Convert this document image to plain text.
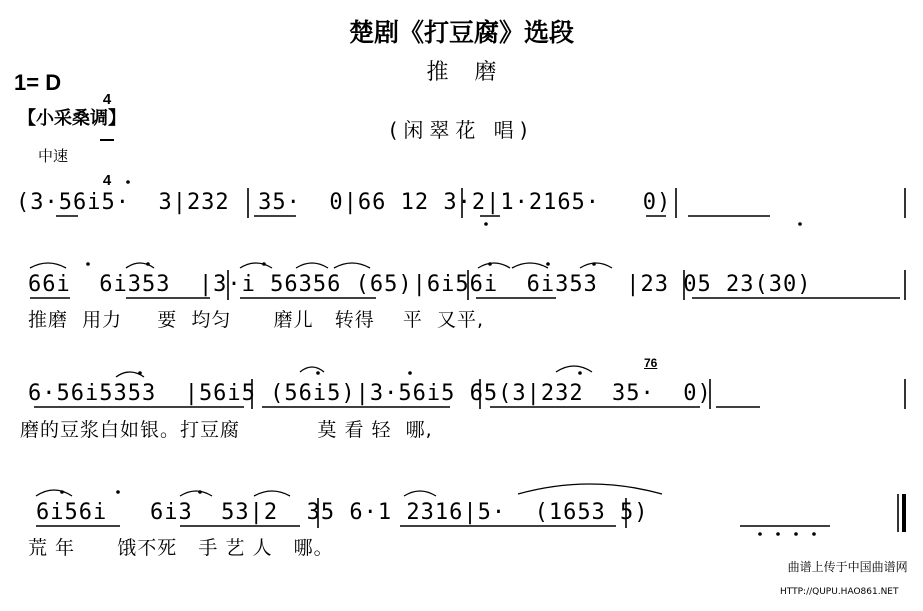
楚剧《打豆腐》选段
推磨
1= D

4

4

(闲翠花 唱)
【小采桑调】
中速
(3·56i5·  3|232  35·  0|66 12 3·2|1·2165·   0)
66i  6i353  |3·i 56356 (65)|6i56i  6i353  |23 05 23(30)
推磨  用力     要  均匀      磨儿   转得    平  又平,
76
6·56i5353  |56i5 (56i5)|3·56i5 65(3|232  35·  0)
磨的豆浆白如银。打豆腐           莫 看 轻  哪,
6i56i   6i3  53|2  35 6·1 2316|5·  (1653 5)
荒 年      饿不死   手 艺 人   哪。

曲谱上传于中国曲谱网

HTTP://QUPU.HAO861.NET
